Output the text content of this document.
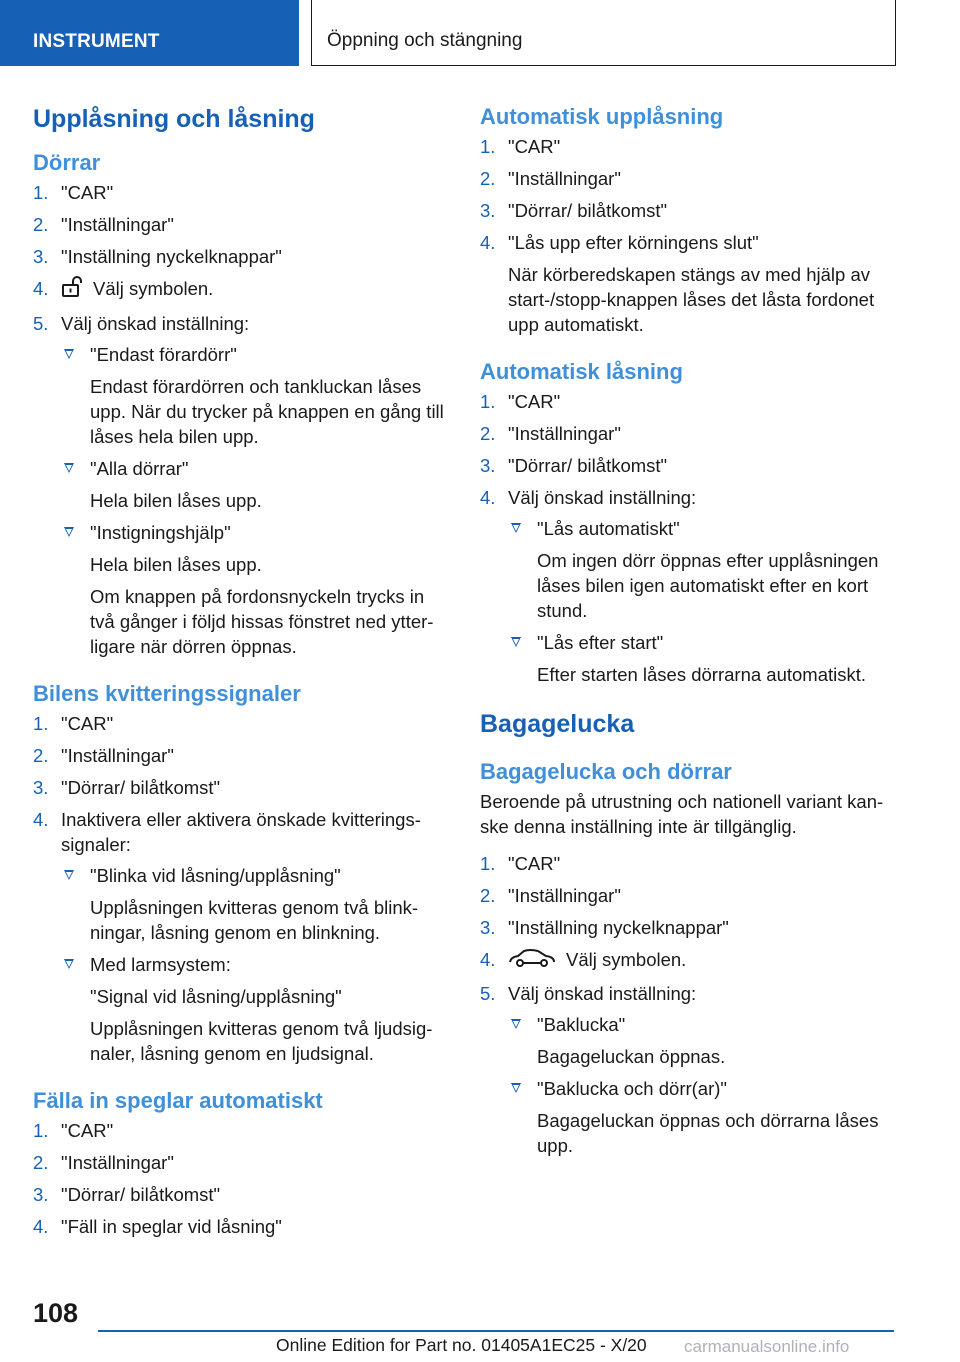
INSTRUMENT	Öppning och stängning
Upplåsning och låsning
Dörrar
1. "CAR"
2. "Inställningar"
3. "Inställning nyckelknappar"
4. Välj symbolen.
5. Välj önskad inställning:
"Endast förardörr"

Endast förardörren och tankluckan låses upp. När du trycker på knappen en gång till låses hela bilen upp.

"Alla dörrar"

Hela bilen låses upp.

"Instigningshjälp"

Hela bilen låses upp.

Om knappen på fordonsnyckeln trycks in två gånger i följd hissas fönstret ned ytter-ligare när dörren öppnas.

Bilens kvitteringssignaler
1. "CAR"
2. "Inställningar"
3. "Dörrar/ bilåtkomst"
4. Inaktivera eller aktivera önskade kvitterings-signaler:
"Blinka vid låsning/upplåsning"

Upplåsningen kvitteras genom två blink-ningar, låsning genom en blinkning.

Med larmsystem:

"Signal vid låsning/upplåsning"

Upplåsningen kvitteras genom två ljudsig-naler, låsning genom en ljudsignal.

Fälla in speglar automatiskt
1. "CAR"
2. "Inställningar"
3. "Dörrar/ bilåtkomst"
4. "Fäll in speglar vid låsning"
Automatisk upplåsning
1. "CAR"
2. "Inställningar"
3. "Dörrar/ bilåtkomst"
4. "Lås upp efter körningens slut"

När körberedskapen stängs av med hjälp av start-/stopp-knappen låses det låsta fordonet upp automatiskt.

Automatisk låsning
1. "CAR"
2. "Inställningar"
3. "Dörrar/ bilåtkomst"
4. Välj önskad inställning:
"Lås automatiskt"

Om ingen dörr öppnas efter upplåsningen låses bilen igen automatiskt efter en kort stund.

"Lås efter start"

Efter starten låses dörrarna automatiskt.

Bagagelucka
Bagagelucka och dörrar

Beroende på utrustning och nationell variant kan-ske denna inställning inte är tillgänglig.

1. "CAR"
2. "Inställningar"
3. "Inställning nyckelknappar"
4.	Välj symbolen.
5. Välj önskad inställning:
"Baklucka"

Bagageluckan öppnas.

"Baklucka och dörr(ar)"

Bagageluckan öppnas och dörrarna låses upp.

108
Online Edition for Part no. 01405A1EC25 - X/20 carmanualsonline.info
